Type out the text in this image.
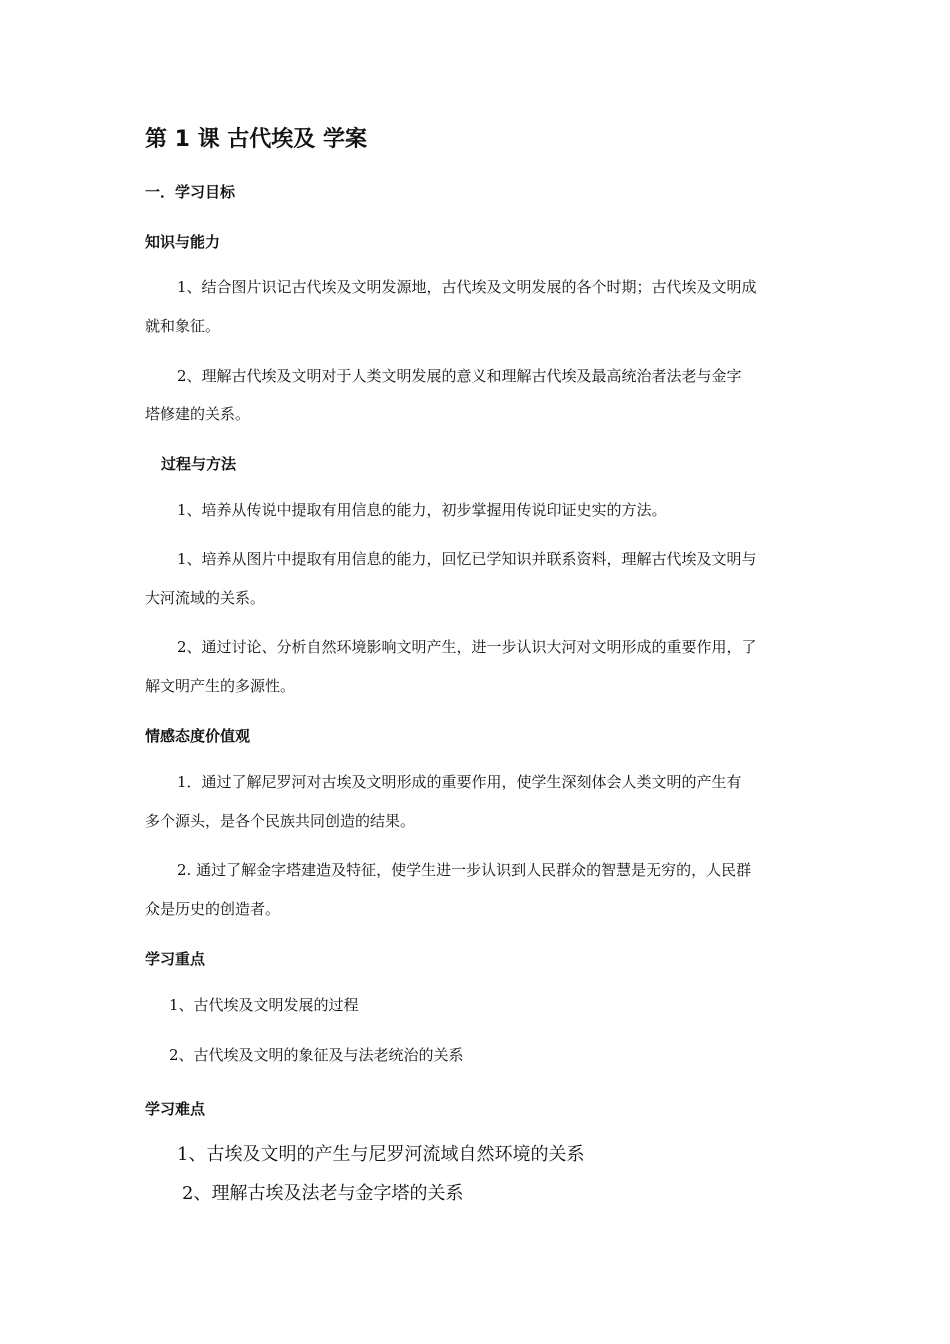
第 1 课 古代埃及 学案
一．学习目标
知识与能力
1、结合图片识记古代埃及文明发源地，古代埃及文明发展的各个时期；古代埃及文明成
就和象征。
2、理解古代埃及文明对于人类文明发展的意义和理解古代埃及最高统治者法老与金字
塔修建的关系。
过程与方法
1、培养从传说中提取有用信息的能力，初步掌握用传说印证史实的方法。
1、培养从图片中提取有用信息的能力，回忆已学知识并联系资料，理解古代埃及文明与
大河流域的关系。
2、通过讨论、分析自然环境影响文明产生，进一步认识大河对文明形成的重要作用，了
解文明产生的多源性。
情感态度价值观
1．通过了解尼罗河对古埃及文明形成的重要作用，使学生深刻体会人类文明的产生有
多个源头，是各个民族共同创造的结果。
2. 通过了解金字塔建造及特征，使学生进一步认识到人民群众的智慧是无穷的，人民群
众是历史的创造者。
学习重点
1、古代埃及文明发展的过程
2、古代埃及文明的象征及与法老统治的关系
学习难点
1、古埃及文明的产生与尼罗河流域自然环境的关系
2、理解古埃及法老与金字塔的关系
